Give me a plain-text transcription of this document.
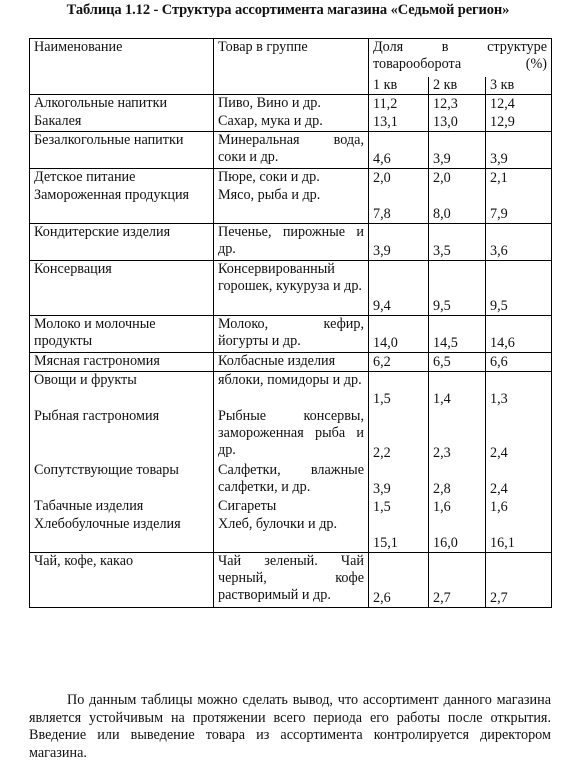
Таблица 1.12 - Структура ассортимента магазина «Седьмой регион»
Наименование	Товар в группе	Доля в структуре товарооборота (%)		
		1 кв	2 кв	3 кв
Алкогольные напитки	Пиво, Вино и др.	11,2	12,3	12,4
Бакалея	Сахар, мука и др.	13,1	13,0	12,9
Безалкогольные напитки	Минеральная вода, соки и др.	4,6	3,9	3,9
Детское питание	Пюре, соки и др.	2,0	2,0	2,1
Замороженная продукция	Мясо, рыба и др.	7,8	8,0	7,9
Кондитерские изделия	Печенье, пирожные и др.	3,9	3,5	3,6
Консервация	Консервированный горошек, кукуруза и др.	9,4	9,5	9,5
Молоко и молочные продукты	Молоко, кефир, йогурты и др.	14,0	14,5	14,6
Мясная гастрономия	Колбасные изделия	6,2	6,5	6,6
Овощи и фрукты	яблоки, помидоры и др.	1,5	1,4	1,3
Рыбная гастрономия	Рыбные консервы, замороженная рыба и др.	2,2	2,3	2,4
Сопутствующие товары	Салфетки, влажные салфетки, и др.	3,9	2,8	2,4
Табачные изделия	Сигареты	1,5	1,6	1,6
Хлебобулочные изделия	Хлеб, булочки и др.	15,1	16,0	16,1
Чай, кофе, какао	Чай зеленый. Чай черный, кофе растворимый и др.	2,6	2,7	2,7
По данным таблицы можно сделать вывод, что ассортимент данного магазина является устойчивым на протяжении всего периода его работы после открытия. Введение или выведение товара из ассортимента контролируется директором магазина.
